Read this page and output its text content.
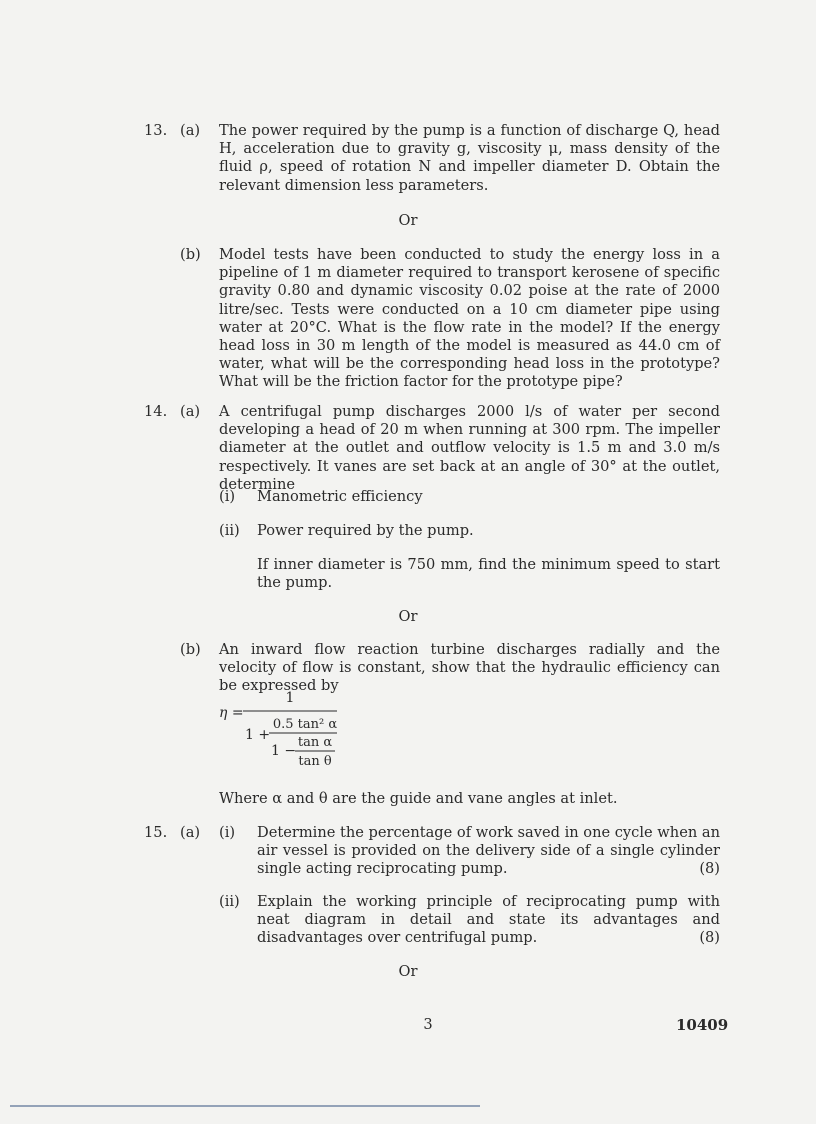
13. (a) The power required by the pump is a function of discharge Q, head H, acceleration due to gravity g, viscosity μ, mass density of the fluid ρ, speed of rotation N and impeller diameter D. Obtain the relevant dimension less parameters.
Or
(b) Model tests have been conducted to study the energy loss in a pipeline of 1 m diameter required to transport kerosene of specific gravity 0.80 and dynamic viscosity 0.02 poise at the rate of 2000 litre/sec. Tests were conducted on a 10 cm diameter pipe using water at 20°C. What is the flow rate in the model? If the energy head loss in 30 m length of the model is measured as 44.0 cm of water, what will be the corresponding head loss in the prototype? What will be the friction factor for the prototype pipe?
14. (a) A centrifugal pump discharges 2000 l/s of water per second developing a head of 20 m when running at 300 rpm. The impeller diameter at the outlet and outflow velocity is 1.5 m and 3.0 m/s respectively. It vanes are set back at an angle of 30° at the outlet, determine
(i) Manometric efficiency
(ii) Power required by the pump.
If inner diameter is 750 mm, find the minimum speed to start the pump.
Or
(b) An inward flow reaction turbine discharges radially and the velocity of flow is constant, show that the hydraulic efficiency can be expressed by
η =
1
1 +
0.5 tan² α
1 −
tan α
tan θ
Where α and θ are the guide and vane angles at inlet.
15. (a) (i) Determine the percentage of work saved in one cycle when an air vessel is provided on the delivery side of a single cylinder single acting reciprocating pump.	(8)
(ii) Explain the working principle of reciprocating pump with neat diagram in detail and state its advantages and disadvantages over centrifugal pump.	(8)
Or
3	10409
